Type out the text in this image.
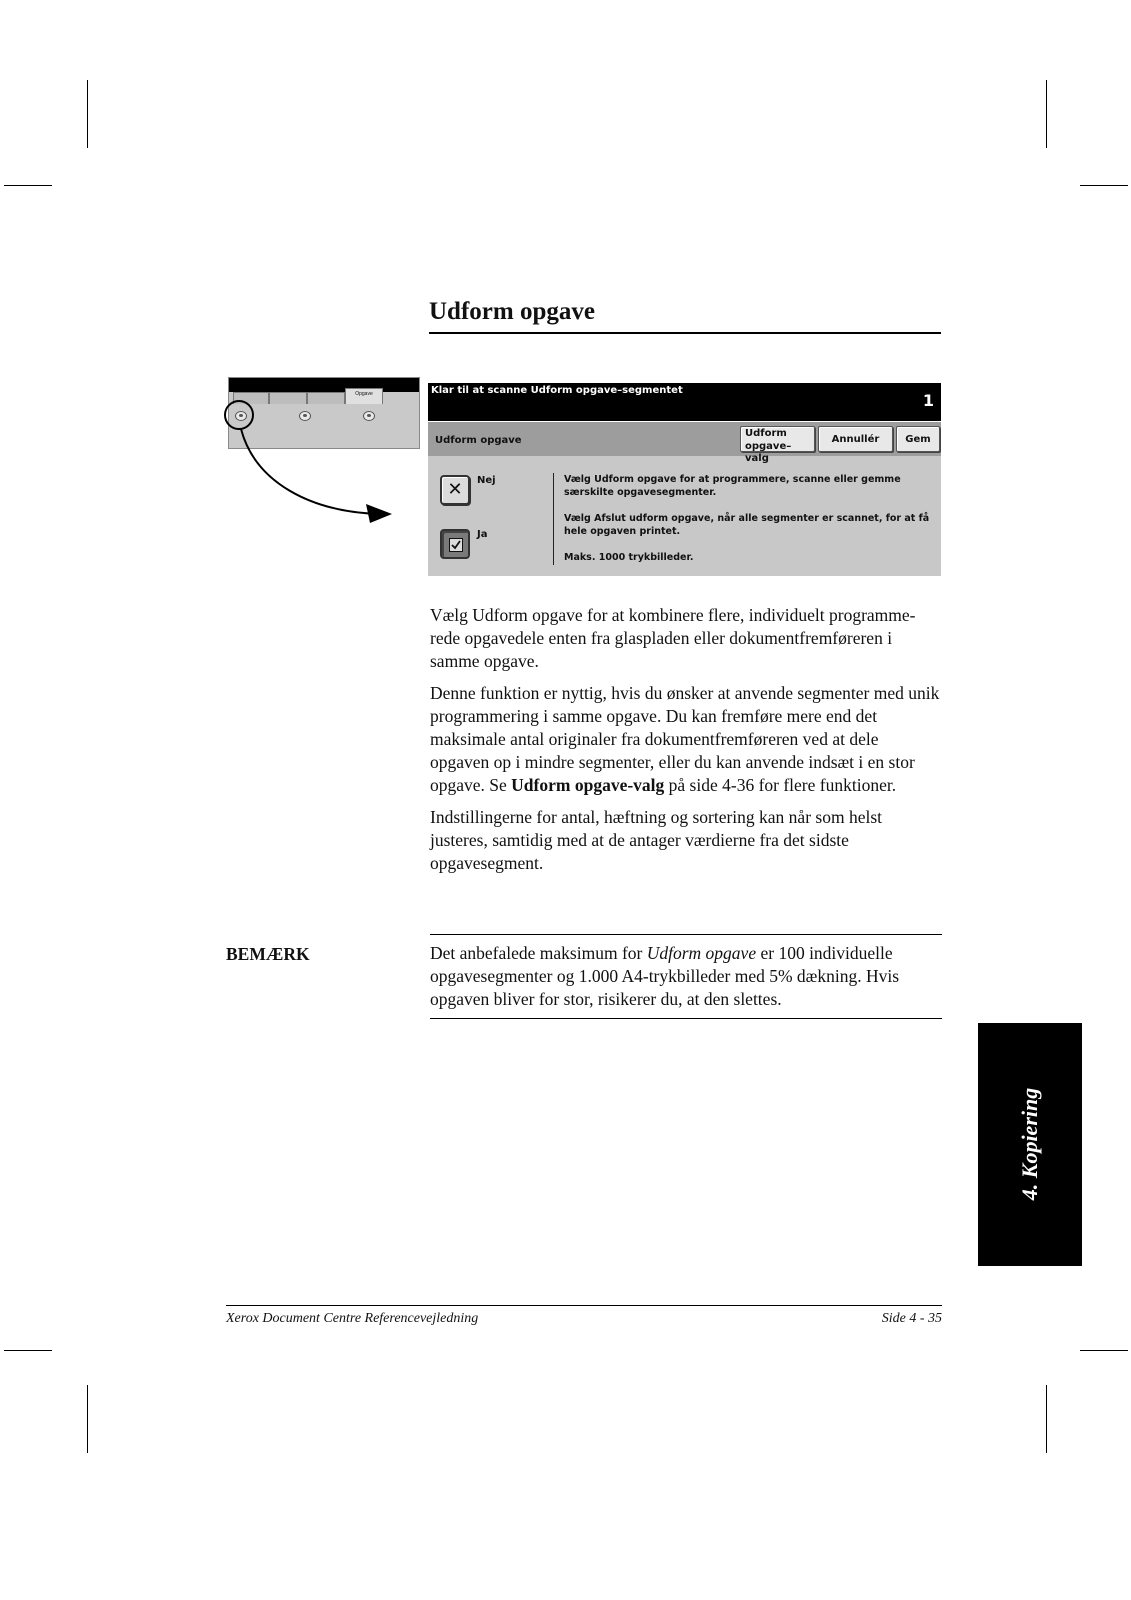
Udform opgave
Opgave	Klar til at scanne Udform opgave–segmentet
1
Udform opgave
Udform
opgave–valg
Annullér	Gem
✕	Nej
Ja
Vælg Udform opgave for at programmere, scanne eller gemme særskilte opgavesegmenter.
Vælg Afslut udform opgave, når alle segmenter er scannet, for at få hele opgaven printet.
Maks. 1000 trykbilleder.

Vælg Udform opgave for at kombinere flere, individuelt programme-rede opgavedele enten fra glaspladen eller dokumentfremføreren i samme opgave.

Denne funktion er nyttig, hvis du ønsker at anvende segmenter med unik programmering i samme opgave. Du kan fremføre mere end det maksimale antal originaler fra dokumentfremføreren ved at dele opgaven op i mindre segmenter, eller du kan anvende indsæt i en stor opgave. Se Udform opgave-valg på side 4-36 for flere funktioner.

Indstillingerne for antal, hæftning og sortering kan når som helst justeres, samtidig med at de antager værdierne fra det sidste opgavesegment.

BEMÆRK	Det anbefalede maksimum for Udform opgave er 100 individuelle opgavesegmenter og 1.000 A4-trykbilleder med 5% dækning. Hvis opgaven bliver for stor, risikerer du, at den slettes.
4. Kopiering
Xerox Document Centre Referencevejledning	Side 4 - 35
